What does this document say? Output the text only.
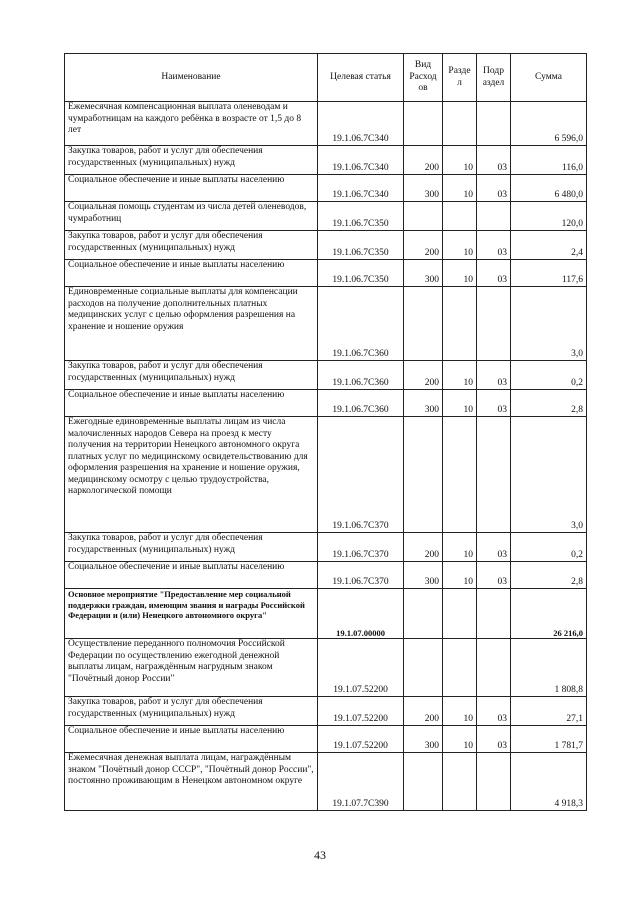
Наименование	Целевая статья	Вид Расход ов	Разде л	Подр аздел	Сумма
Ежемесячная компенсационная выплата оленеводам и чумработницам на каждого ребёнка в возрасте от 1,5 до 8 лет	19.1.06.7С340				6 596,0
Закупка товаров, работ и услуг для обеспечения государственных (муниципальных) нужд	19.1.06.7С340	200	10	03	116,0
Социальное обеспечение и иные выплаты населению	19.1.06.7С340	300	10	03	6 480,0
Социальная помощь студентам из числа детей оленеводов, чумработниц	19.1.06.7С350				120,0
Закупка товаров, работ и услуг для обеспечения государственных (муниципальных) нужд	19.1.06.7С350	200	10	03	2,4
Социальное обеспечение и иные выплаты населению	19.1.06.7С350	300	10	03	117,6
Единовременные социальные выплаты для компенсации расходов на получение дополнительных платных медицинских услуг с целью оформления разрешения на хранение и ношение оружия	19.1.06.7С360				3,0
Закупка товаров, работ и услуг для обеспечения государственных (муниципальных) нужд	19.1.06.7С360	200	10	03	0,2
Социальное обеспечение и иные выплаты населению	19.1.06.7С360	300	10	03	2,8
Ежегодные единовременные выплаты лицам из числа малочисленных народов Севера на проезд к месту получения на территории Ненецкого автономного округа платных услуг по медицинскому освидетельствованию для оформления разрешения на хранение и ношение оружия, медицинскому осмотру с целью трудоустройства, наркологической помощи	19.1.06.7С370				3,0
Закупка товаров, работ и услуг для обеспечения государственных (муниципальных) нужд	19.1.06.7С370	200	10	03	0,2
Социальное обеспечение и иные выплаты населению	19.1.06.7С370	300	10	03	2,8
Основное мероприятие "Предоставление мер социальной поддержки граждан, имеющим звания и награды Российской Федерации и (или) Ненецкого автономного округа"	19.1.07.00000				26 216,0
Осуществление переданного полномочия Российской Федерации по осуществлению ежегодной денежной выплаты лицам, награждённым нагрудным знаком "Почётный донор России"	19.1.07.52200				1 808,8
Закупка товаров, работ и услуг для обеспечения государственных (муниципальных) нужд	19.1.07.52200	200	10	03	27,1
Социальное обеспечение и иные выплаты населению	19.1.07.52200	300	10	03	1 781,7
Ежемесячная денежная выплата лицам, награждённым знаком "Почётный донор СССР", "Почётный донор России", постоянно проживающим в Ненецком автономном округе	19.1.07.7С390				4 918,3
43
